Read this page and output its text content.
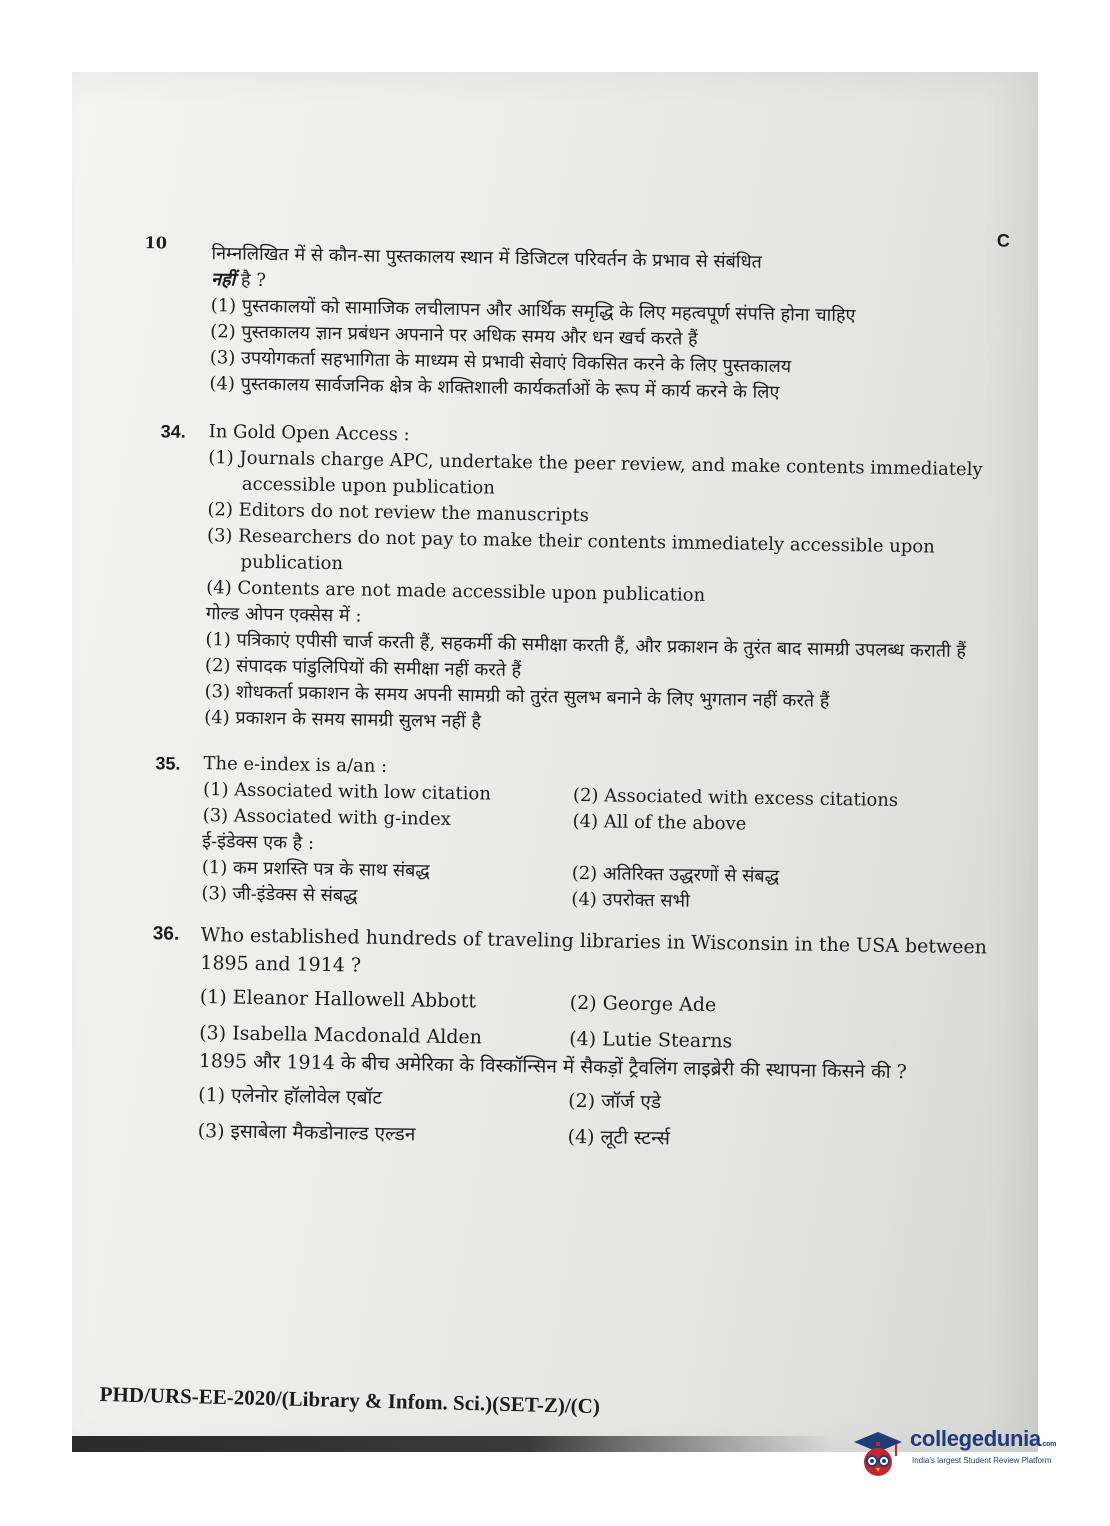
10	C
निम्नलिखित में से कौन-सा पुस्तकालय स्थान में डिजिटल परिवर्तन के प्रभाव से संबंधित
नहीं है ?
(1) पुस्तकालयों को सामाजिक लचीलापन और आर्थिक समृद्धि के लिए महत्वपूर्ण संपत्ति होना चाहिए
(2) पुस्तकालय ज्ञान प्रबंधन अपनाने पर अधिक समय और धन खर्च करते हैं
(3) उपयोगकर्ता सहभागिता के माध्यम से प्रभावी सेवाएं विकसित करने के लिए पुस्तकालय
(4) पुस्तकालय सार्वजनिक क्षेत्र के शक्तिशाली कार्यकर्ताओं के रूप में कार्य करने के लिए
34. In Gold Open Access :
(1) Journals charge APC, undertake the peer review, and make contents immediately accessible upon publication
(2) Editors do not review the manuscripts
(3) Researchers do not pay to make their contents immediately accessible upon publication
(4) Contents are not made accessible upon publication
गोल्ड ओपन एक्सेस में :
(1) पत्रिकाएं एपीसी चार्ज करती हैं, सहकर्मी की समीक्षा करती हैं, और प्रकाशन के तुरंत बाद सामग्री उपलब्ध कराती हैं
(2) संपादक पांडुलिपियों की समीक्षा नहीं करते हैं
(3) शोधकर्ता प्रकाशन के समय अपनी सामग्री को तुरंत सुलभ बनाने के लिए भुगतान नहीं करते हैं
(4) प्रकाशन के समय सामग्री सुलभ नहीं है
35. The e-index is a/an :
(1) Associated with low citation	(2) Associated with excess citations
(3) Associated with g-index	(4) All of the above
ई-इंडेक्स एक है :
(1) कम प्रशस्ति पत्र के साथ संबद्ध	(2) अतिरिक्त उद्धरणों से संबद्ध
(3) जी-इंडेक्स से संबद्ध	(4) उपरोक्त सभी
36. Who established hundreds of traveling libraries in Wisconsin in the USA between 1895 and 1914 ?
(1) Eleanor Hallowell Abbott	(2) George Ade
(3) Isabella Macdonald Alden	(4) Lutie Stearns
1895 और 1914 के बीच अमेरिका के विस्कॉन्सिन में सैकड़ों ट्रैवलिंग लाइब्रेरी की स्थापना किसने की ?
(1) एलेनोर हॉलोवेल एबॉट	(2) जॉर्ज एडे
(3) इसाबेला मैकडोनाल्ड एल्डन	(4) लूटी स्टर्न्स
PHD/URS-EE-2020/(Library & Infom. Sci.)(SET-Z)/(C)
collegedunia.com
India's largest Student Review Platform
